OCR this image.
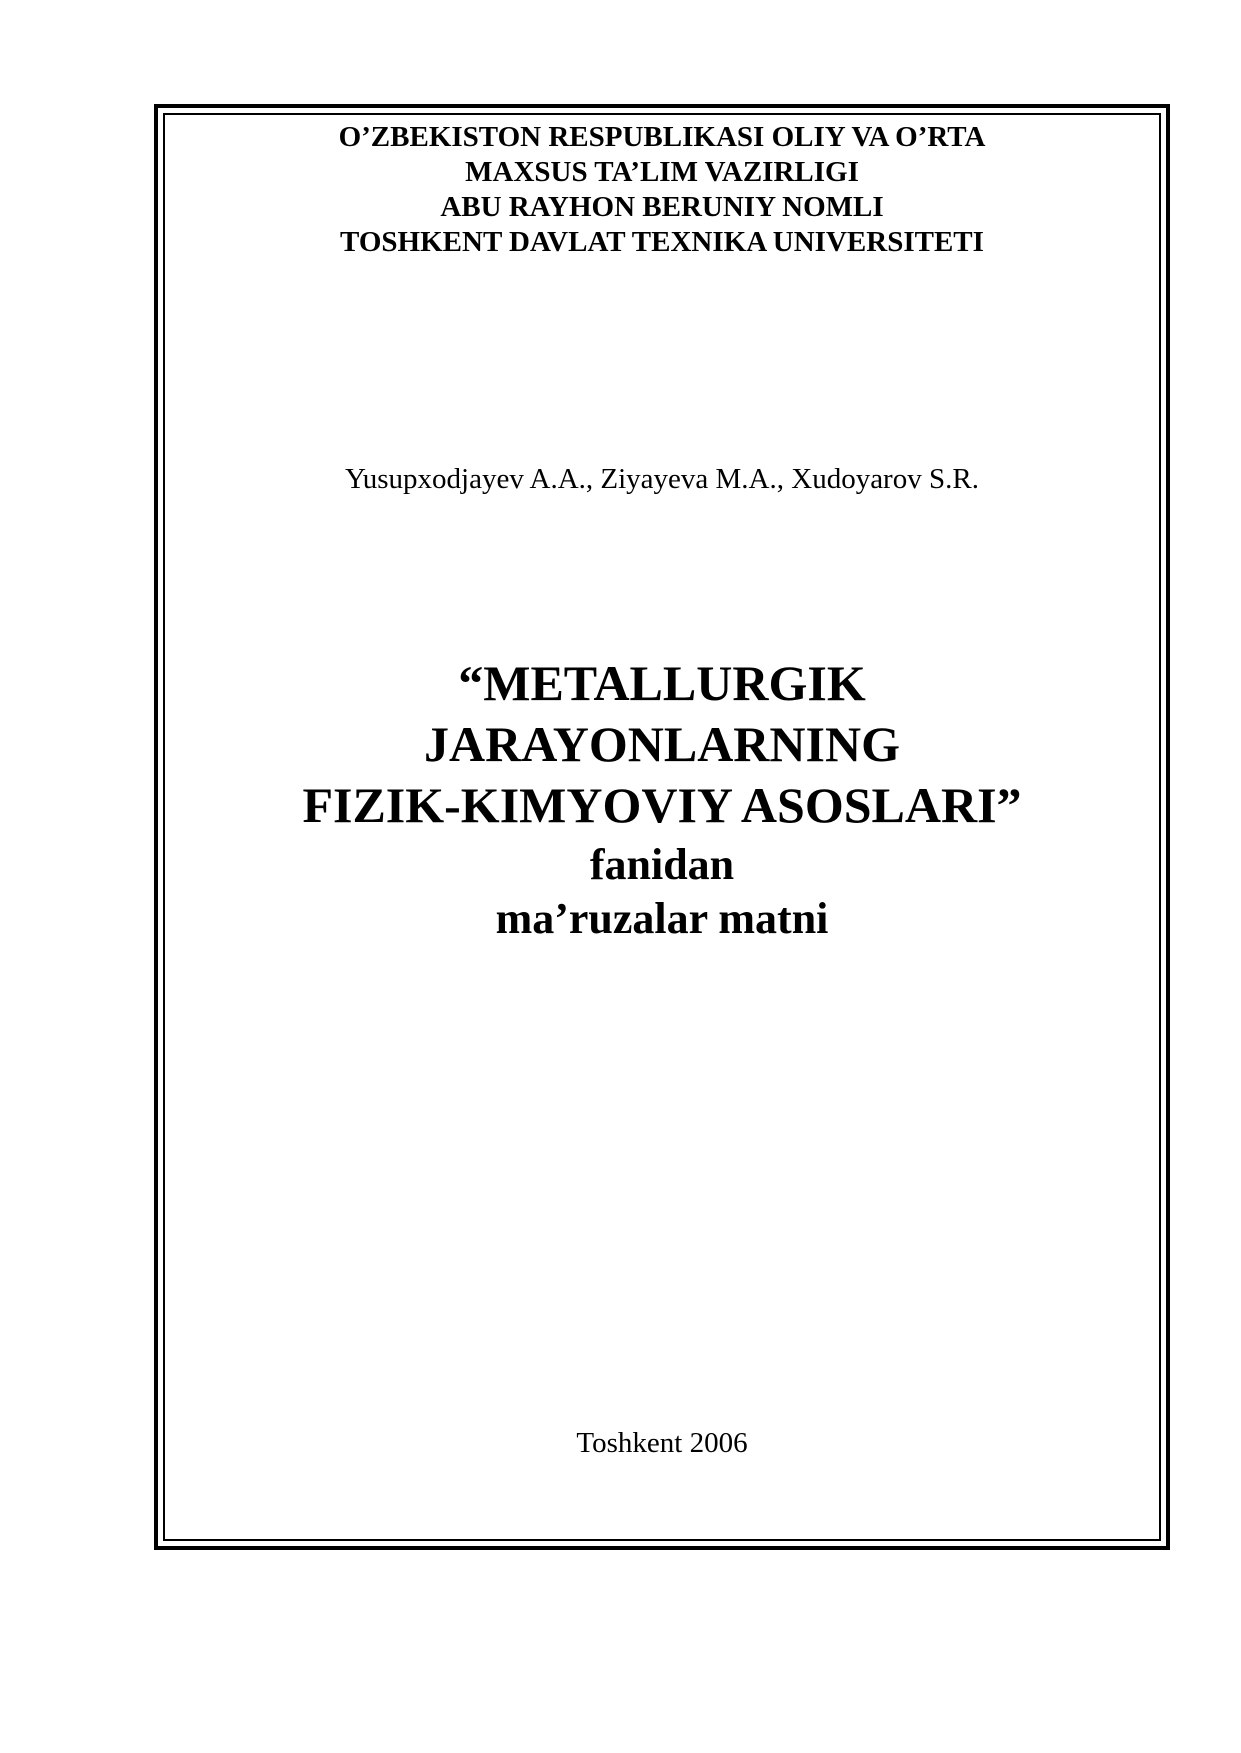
O’ZBEKISTON RESPUBLIKASI OLIY VA O’RTA
MAXSUS TA’LIM VAZIRLIGI
ABU RAYHON BERUNIY NOMLI
TOSHKENT DAVLAT TEXNIKA UNIVERSITETI
Yusupxodjayev A.A., Ziyayeva M.A., Xudoyarov S.R.
“METALLURGIK
JARAYONLARNING
FIZIK-KIMYOVIY ASOSLARI”
fanidan
ma’ruzalar matni
Toshkent 2006
